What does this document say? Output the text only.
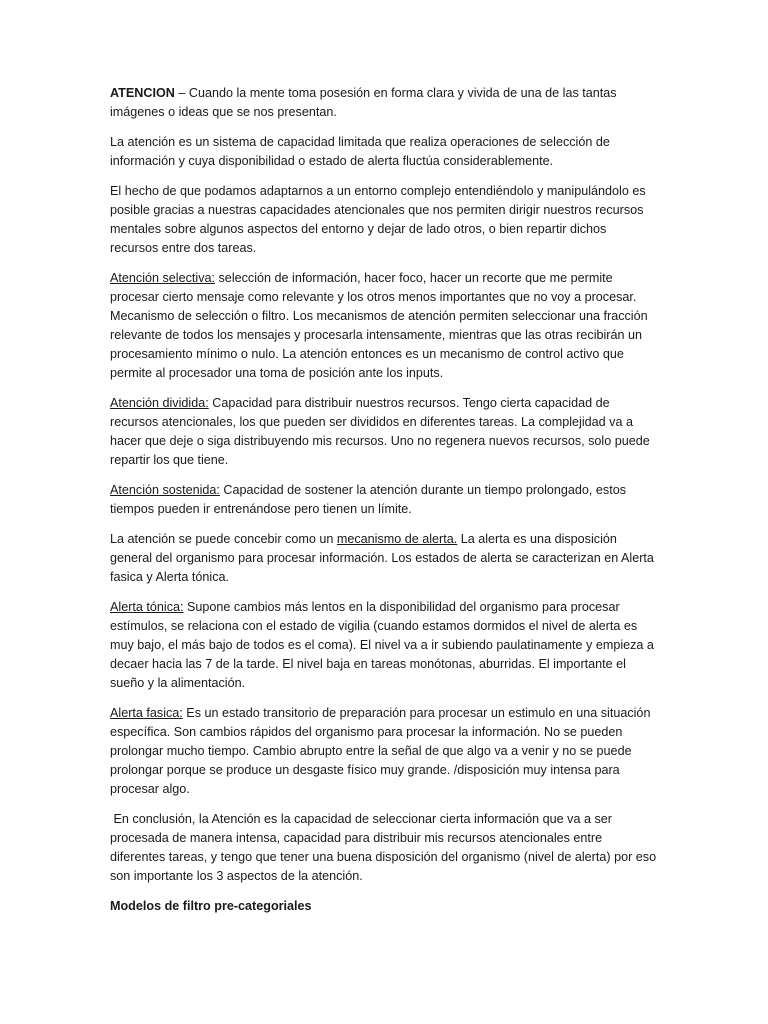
ATENCION – Cuando la mente toma posesión en forma clara y vivida de una de las tantas imágenes o ideas que se nos presentan.

La atención es un sistema de capacidad limitada que realiza operaciones de selección de información y cuya disponibilidad o estado de alerta fluctúa considerablemente.

El hecho de que podamos adaptarnos a un entorno complejo entendiéndolo y manipulándolo es posible gracias a nuestras capacidades atencionales que nos permiten dirigir nuestros recursos mentales sobre algunos aspectos del entorno y dejar de lado otros, o bien repartir dichos recursos entre dos tareas.

Atención selectiva: selección de información, hacer foco, hacer un recorte que me permite procesar cierto mensaje como relevante y los otros menos importantes que no voy a procesar. Mecanismo de selección o filtro. Los mecanismos de atención permiten seleccionar una fracción relevante de todos los mensajes y procesarla intensamente, mientras que las otras recibirán un procesamiento mínimo o nulo. La atención entonces es un mecanismo de control activo que permite al procesador una toma de posición ante los inputs.

Atención dividida: Capacidad para distribuir nuestros recursos. Tengo cierta capacidad de recursos atencionales, los que pueden ser divididos en diferentes tareas. La complejidad va a hacer que deje o siga distribuyendo mis recursos. Uno no regenera nuevos recursos, solo puede repartir los que tiene.

Atención sostenida: Capacidad de sostener la atención durante un tiempo prolongado, estos tiempos pueden ir entrenándose pero tienen un límite.

La atención se puede concebir como un mecanismo de alerta. La alerta es una disposición general del organismo para procesar información. Los estados de alerta se caracterizan en Alerta fasica y Alerta tónica.

Alerta tónica: Supone cambios más lentos en la disponibilidad del organismo para procesar estímulos, se relaciona con el estado de vigilia (cuando estamos dormidos el nivel de alerta es muy bajo, el más bajo de todos es el coma). El nivel va a ir subiendo paulatinamente y empieza a decaer hacia las 7 de la tarde. El nivel baja en tareas monótonas, aburridas. El importante el sueño y la alimentación.

Alerta fasica: Es un estado transitorio de preparación para procesar un estimulo en una situación específica. Son cambios rápidos del organismo para procesar la información. No se pueden prolongar mucho tiempo. Cambio abrupto entre la señal de que algo va a venir y no se puede prolongar porque se produce un desgaste físico muy grande. /disposición muy intensa para procesar algo.

En conclusión, la Atención es la capacidad de seleccionar cierta información que va a ser procesada de manera intensa, capacidad para distribuir mis recursos atencionales entre diferentes tareas, y tengo que tener una buena disposición del organismo (nivel de alerta) por eso son importante los 3 aspectos de la atención.

Modelos de filtro pre-categoriales
